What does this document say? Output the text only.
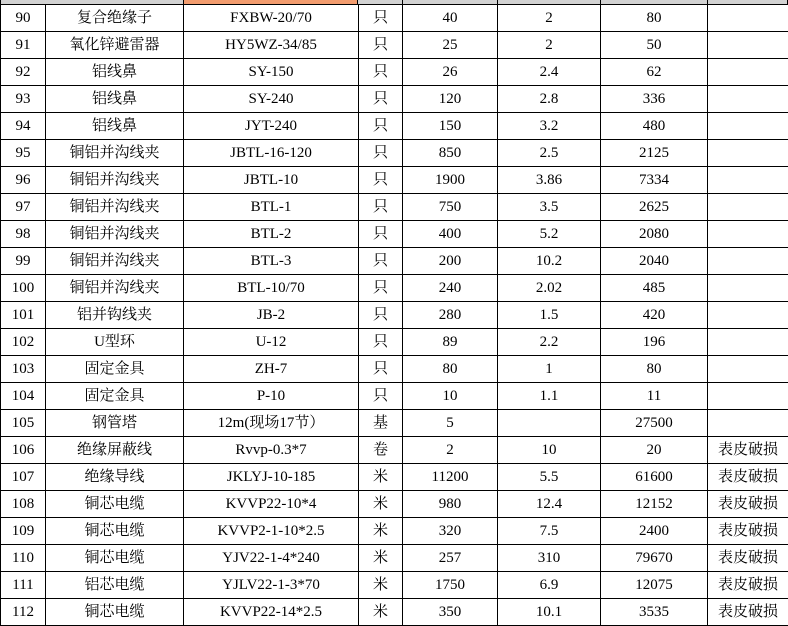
90	复合绝缘子	FXBW-20/70	只	40	2	80	
91	氧化锌避雷器	HY5WZ-34/85	只	25	2	50	
92	铝线鼻	SY-150	只	26	2.4	62	
93	铝线鼻	SY-240	只	120	2.8	336	
94	铝线鼻	JYT-240	只	150	3.2	480	
95	铜铝并沟线夹	JBTL-16-120	只	850	2.5	2125	
96	铜铝并沟线夹	JBTL-10	只	1900	3.86	7334	
97	铜铝并沟线夹	BTL-1	只	750	3.5	2625	
98	铜铝并沟线夹	BTL-2	只	400	5.2	2080	
99	铜铝并沟线夹	BTL-3	只	200	10.2	2040	
100	铜铝并沟线夹	BTL-10/70	只	240	2.02	485	
101	铝并钩线夹	JB-2	只	280	1.5	420	
102	U型环	U-12	只	89	2.2	196	
103	固定金具	ZH-7	只	80	1	80	
104	固定金具	P-10	只	10	1.1	11	
105	钢管塔	12m(现场17节）	基	5		27500	
106	绝缘屏蔽线	Rvvp-0.3*7	卷	2	10	20	表皮破损
107	绝缘导线	JKLYJ-10-185	米	11200	5.5	61600	表皮破损
108	铜芯电缆	KVVP22-10*4	米	980	12.4	12152	表皮破损
109	铜芯电缆	KVVP2-1-10*2.5	米	320	7.5	2400	表皮破损
110	铜芯电缆	YJV22-1-4*240	米	257	310	79670	表皮破损
111	铝芯电缆	YJLV22-1-3*70	米	1750	6.9	12075	表皮破损
112	铜芯电缆	KVVP22-14*2.5	米	350	10.1	3535	表皮破损
